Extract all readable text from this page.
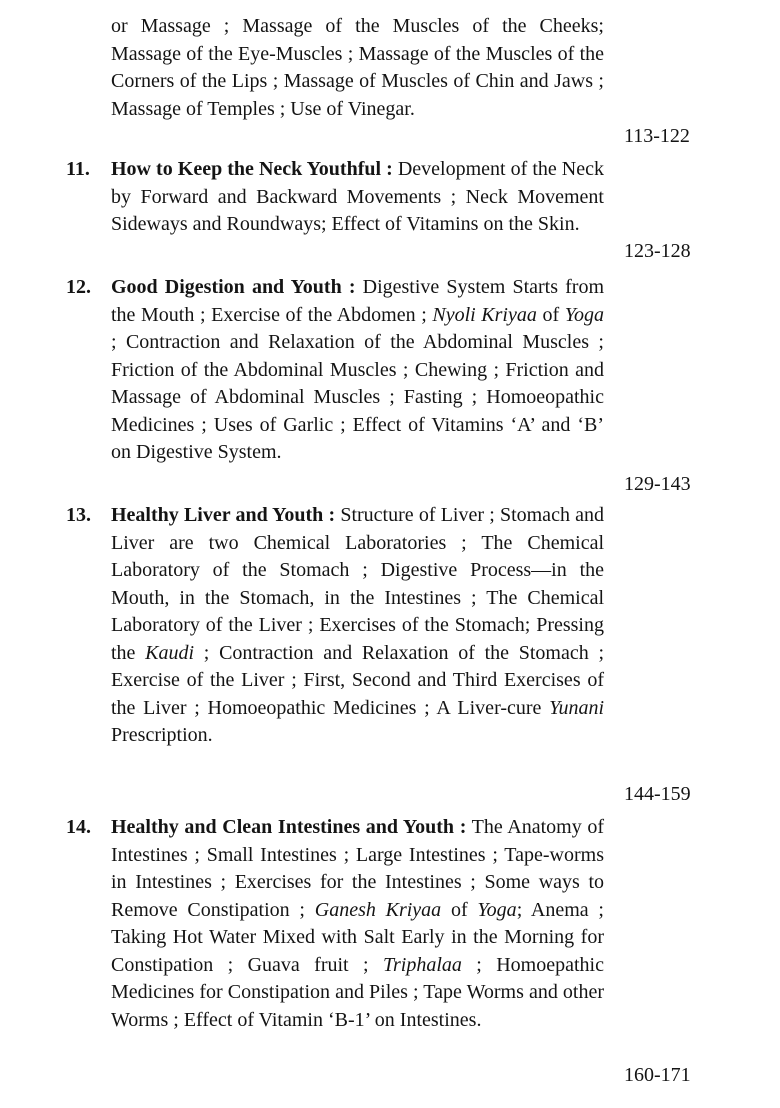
or Massage ; Massage of the Muscles of the Cheeks; Massage of the Eye-Muscles ; Massage of the Muscles of the Corners of the Lips ; Massage of Muscles of Chin and Jaws ; Massage of Temples ; Use of Vinegar.
113-122
11. How to Keep the Neck Youthful : Development of the Neck by Forward and Backward Movements ; Neck Movement Sideways and Roundways; Effect of Vitamins on the Skin.
123-128
12. Good Digestion and Youth : Digestive System Starts from the Mouth ; Exercise of the Abdomen ; Nyoli Kriyaa of Yoga ; Contraction and Relaxation of the Abdominal Muscles ; Friction of the Abdominal Muscles ; Chewing ; Friction and Massage of Abdominal Muscles ; Fasting ; Homoeopathic Medicines ; Uses of Garlic ; Effect of Vitamins ‘A’ and ‘B’ on Digestive System.
129-143
13. Healthy Liver and Youth : Structure of Liver ; Stomach and Liver are two Chemical Laboratories ; The Chemical Laboratory of the Stomach ; Digestive Process—in the Mouth, in the Stomach, in the Intestines ; The Chemical Laboratory of the Liver ; Exercises of the Stomach; Pressing the Kaudi ; Contraction and Relaxation of the Stomach ; Exercise of the Liver ; First, Second and Third Exercises of the Liver ; Homoeopathic Medicines ; A Liver-cure Yunani Prescription.
144-159
14. Healthy and Clean Intestines and Youth : The Anatomy of Intestines ; Small Intestines ; Large Intestines ; Tape-worms in Intestines ; Exercises for the Intestines ; Some ways to Remove Constipation ; Ganesh Kriyaa of Yoga; Anema ; Taking Hot Water Mixed with Salt Early in the Morning for Constipation ; Guava fruit ; Triphalaa ; Homoepathic Medicines for Constipation and Piles ; Tape Worms and other Worms ; Effect of Vitamin ‘B-1’ on Intestines.
160-171
